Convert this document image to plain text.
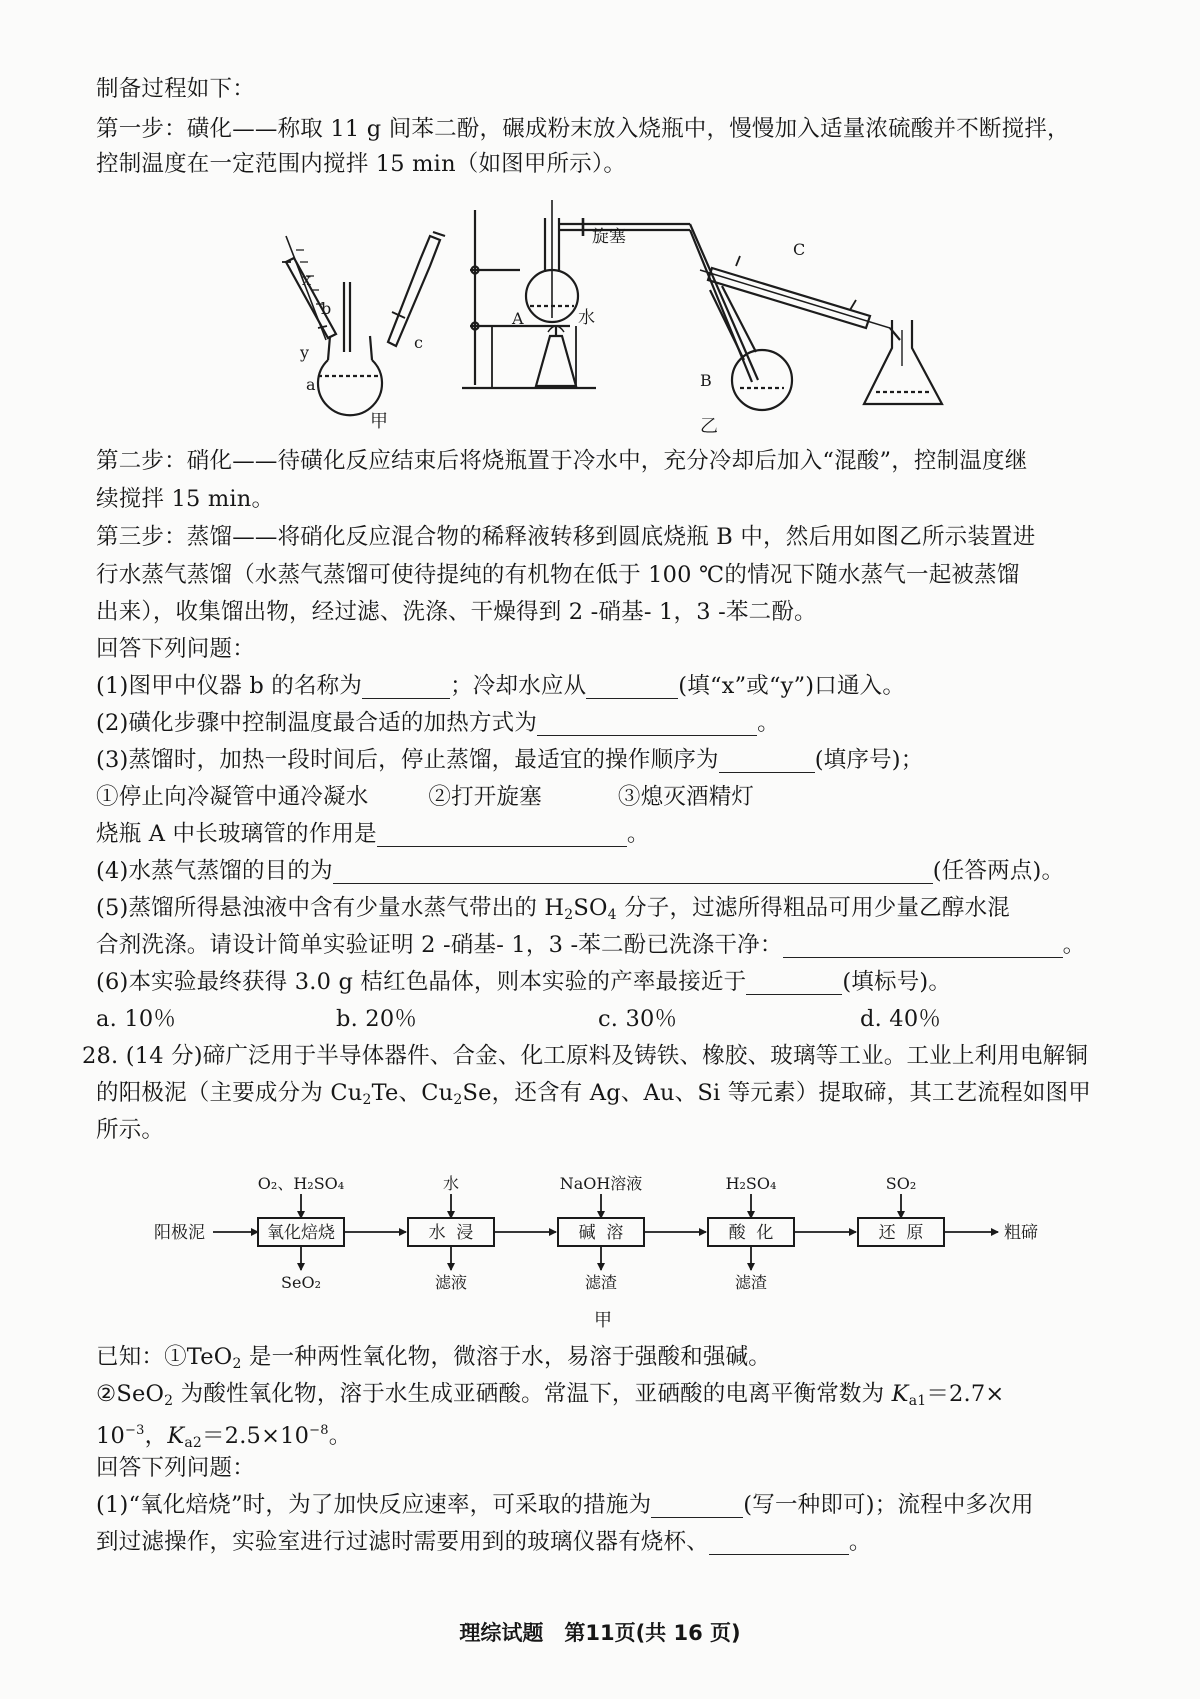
制备过程如下：
第一步：磺化——称取 11 g 间苯二酚，碾成粉末放入烧瓶中，慢慢加入适量浓硫酸并不断搅拌，
控制温度在一定范围内搅拌 15 min（如图甲所示）。
x
b
y
a
c
旋塞
A	水
B
C
甲	乙
第二步：硝化——待磺化反应结束后将烧瓶置于冷水中，充分冷却后加入“混酸”，控制温度继
续搅拌 15 min。
第三步：蒸馏——将硝化反应混合物的稀释液转移到圆底烧瓶 B 中，然后用如图乙所示装置进
行水蒸气蒸馏（水蒸气蒸馏可使待提纯的有机物在低于 100 ℃的情况下随水蒸气一起被蒸馏
出来），收集馏出物，经过滤、洗涤、干燥得到 2 -硝基- 1，3 -苯二酚。
回答下列问题：
(1)图甲中仪器 b 的名称为	；冷却水应从	(填“x”或“y”)口通入。
(2)磺化步骤中控制温度最合适的加热方式为	。
(3)蒸馏时，加热一段时间后，停止蒸馏，最适宜的操作顺序为	(填序号)；
①停止向冷凝管中通冷凝水	②打开旋塞	③熄灭酒精灯
烧瓶 A 中长玻璃管的作用是	。
(4)水蒸气蒸馏的目的为	(任答两点)。
(5)蒸馏所得悬浊液中含有少量水蒸气带出的 $H_2SO_4$ 分子，过滤所得粗品可用少量乙醇水混
合剂洗涤。请设计简单实验证明 2 -硝基- 1，3 -苯二酚已洗涤干净：	。
(6)本实验最终获得 3.0 g 桔红色晶体，则本实验的产率最接近于	(填标号)。
a. 10％	b. 20％	c. 30％	d. 40％
28. (14 分)碲广泛用于半导体器件、合金、化工原料及铸铁、橡胶、玻璃等工业。工业上利用电解铜
的阳极泥（主要成分为 $Cu_2Te$、$Cu_2Se$，还含有 Ag、Au、Si 等元素）提取碲，其工艺流程如图甲
所示。
氧化焙烧	水  浸	碱  溶	酸  化	还  原
O₂、H₂SO₄	水	NaOH溶液	H₂SO₄	SO₂
SeO₂	滤液	滤渣	滤渣
阳极泥	粗碲
甲
已知：①TeO$_2$ 是一种两性氧化物，微溶于水，易溶于强酸和强碱。
②SeO$_2$ 为酸性氧化物，溶于水生成亚硒酸。常温下，亚硒酸的电离平衡常数为 $K_{a1}=2.7\times$
$10^{-3}$，$K_{a2}=2.5\times 10^{-8}$。
回答下列问题：
(1)“氧化焙烧”时，为了加快反应速率，可采取的措施为	(写一种即可)；流程中多次用
到过滤操作，实验室进行过滤时需要用到的玻璃仪器有烧杯、	。
理综试题　第11页(共 16 页)
